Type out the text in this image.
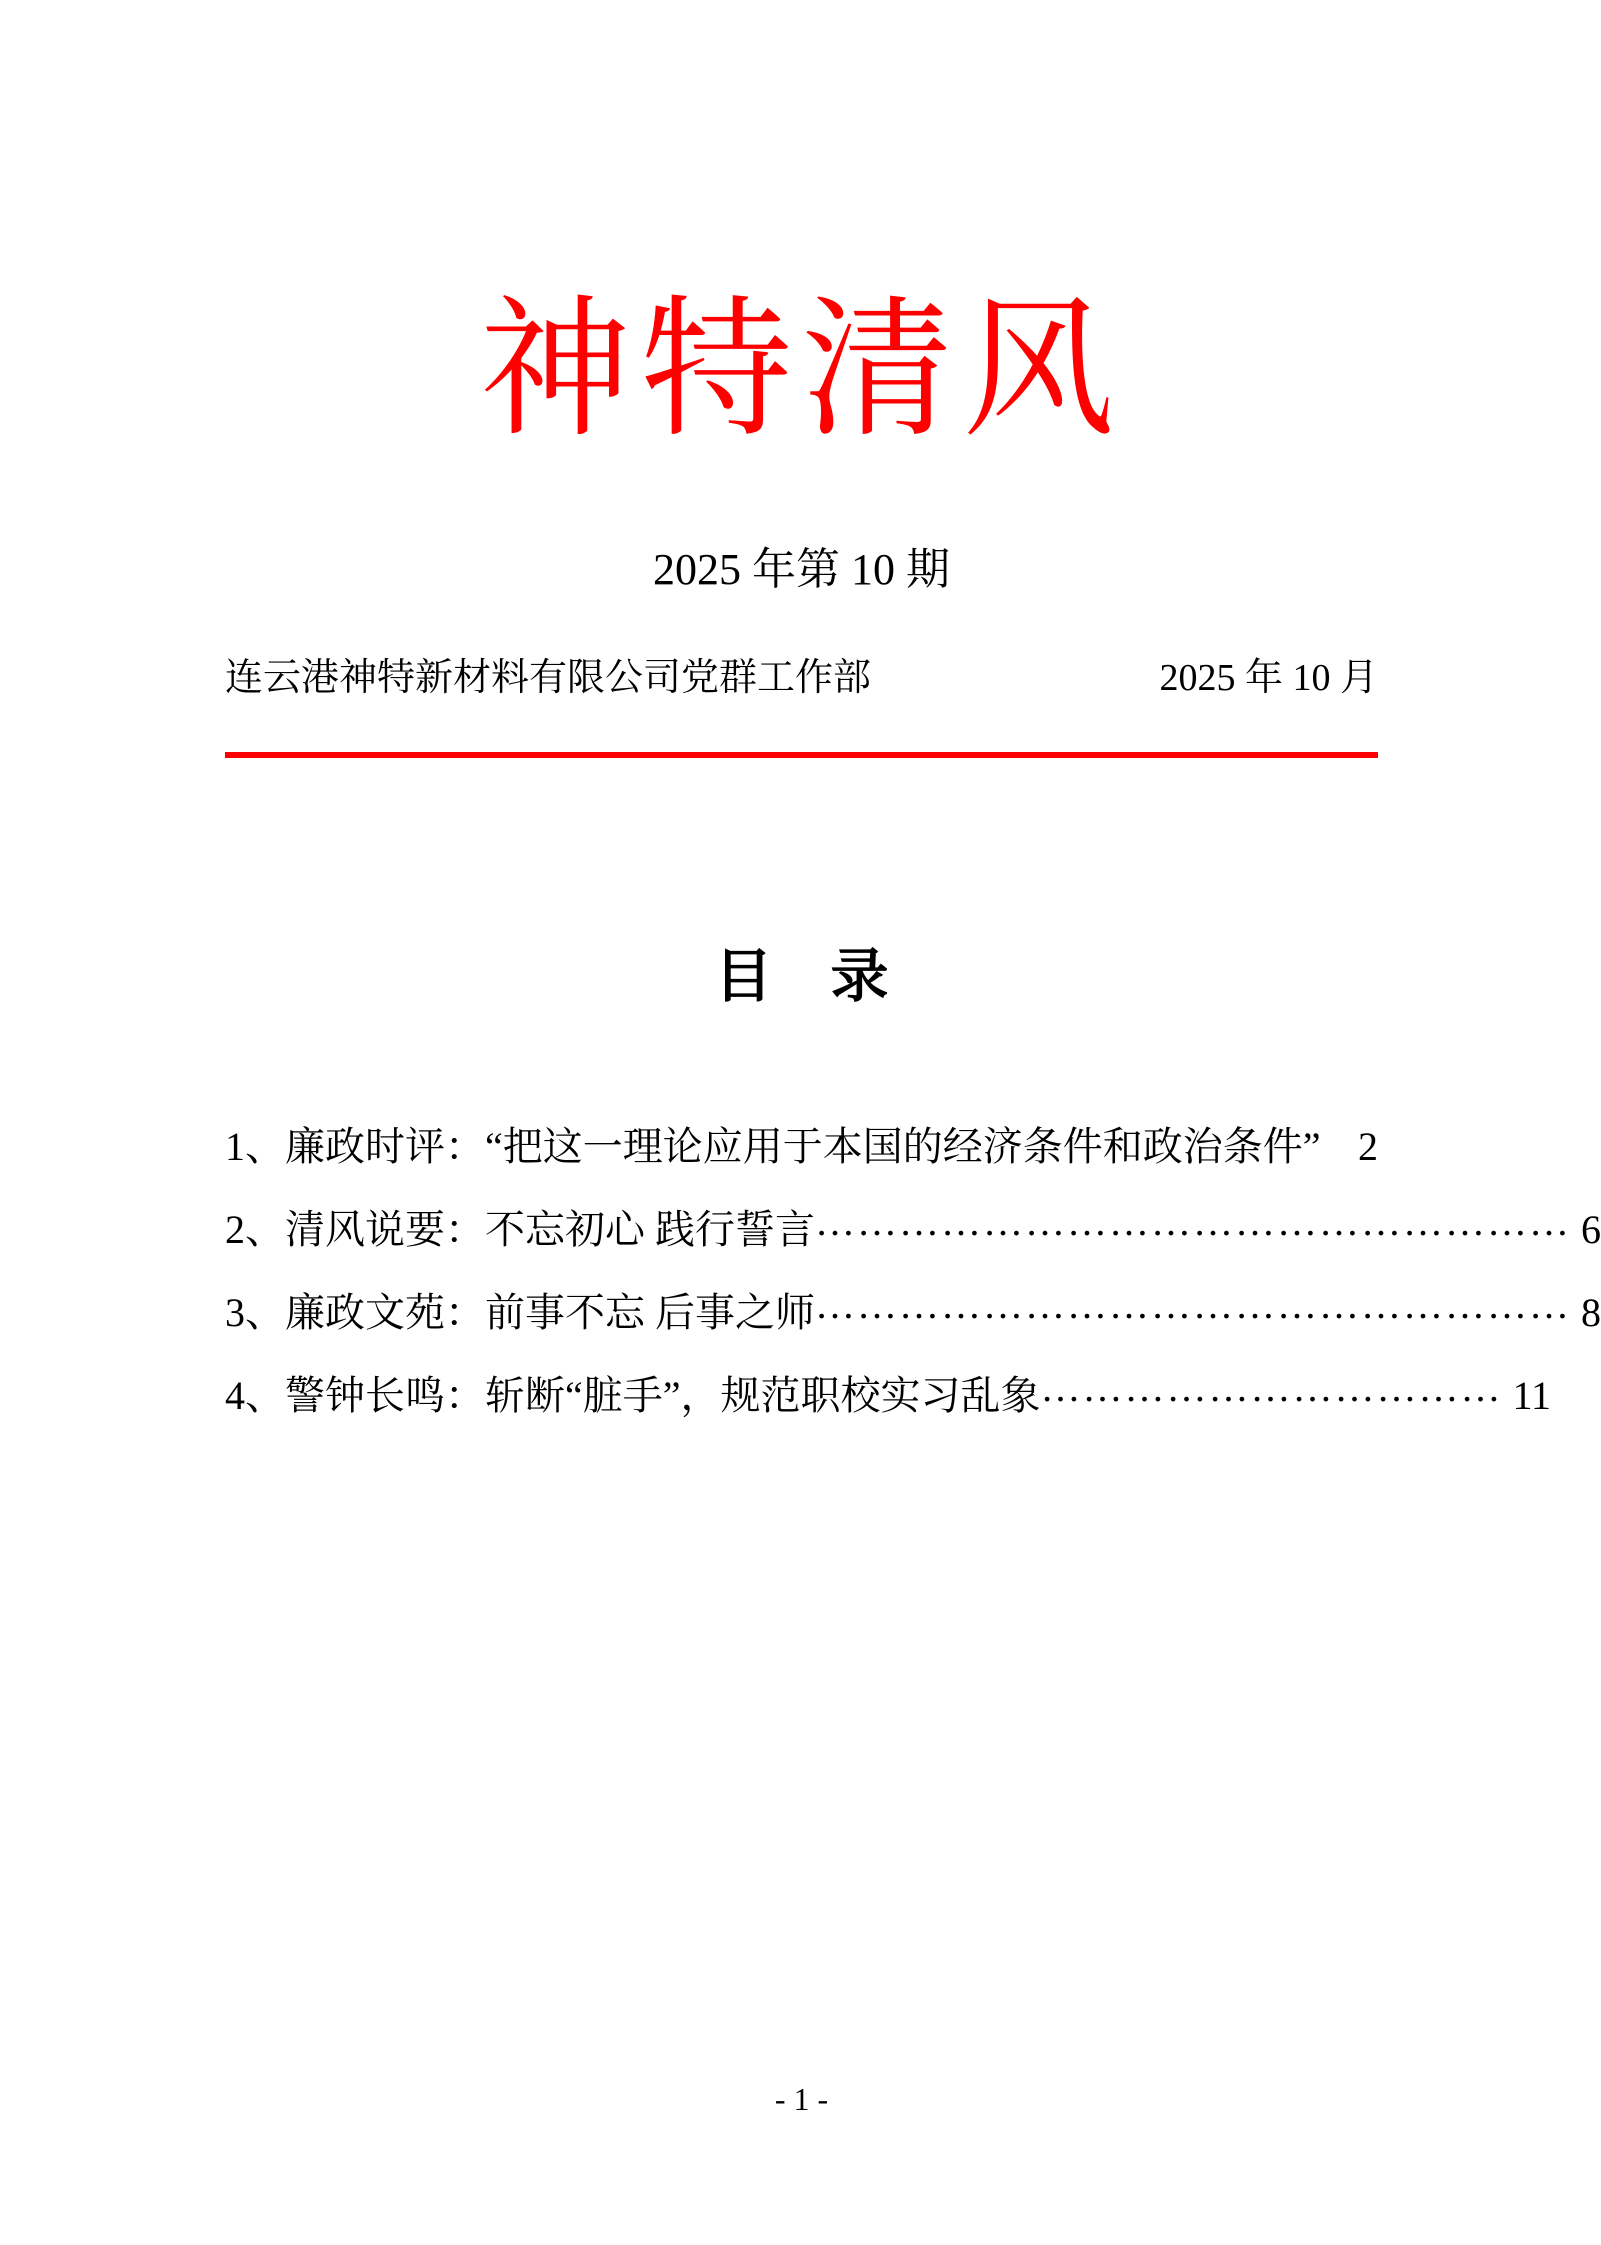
神特清风
2025 年第 10 期
连云港神特新材料有限公司党群工作部	2025 年 10 月
目　录
1、廉政时评：“把这一理论应用于本国的经济条件和政治条件” 2
2、清风说要：不忘初心 践行誓言 ……………………………………………… 6
3、廉政文苑：前事不忘 后事之师 ……………………………………………… 8
4、警钟长鸣：斩断“脏手”，规范职校实习乱象 …………………………… 11
- 1 -
